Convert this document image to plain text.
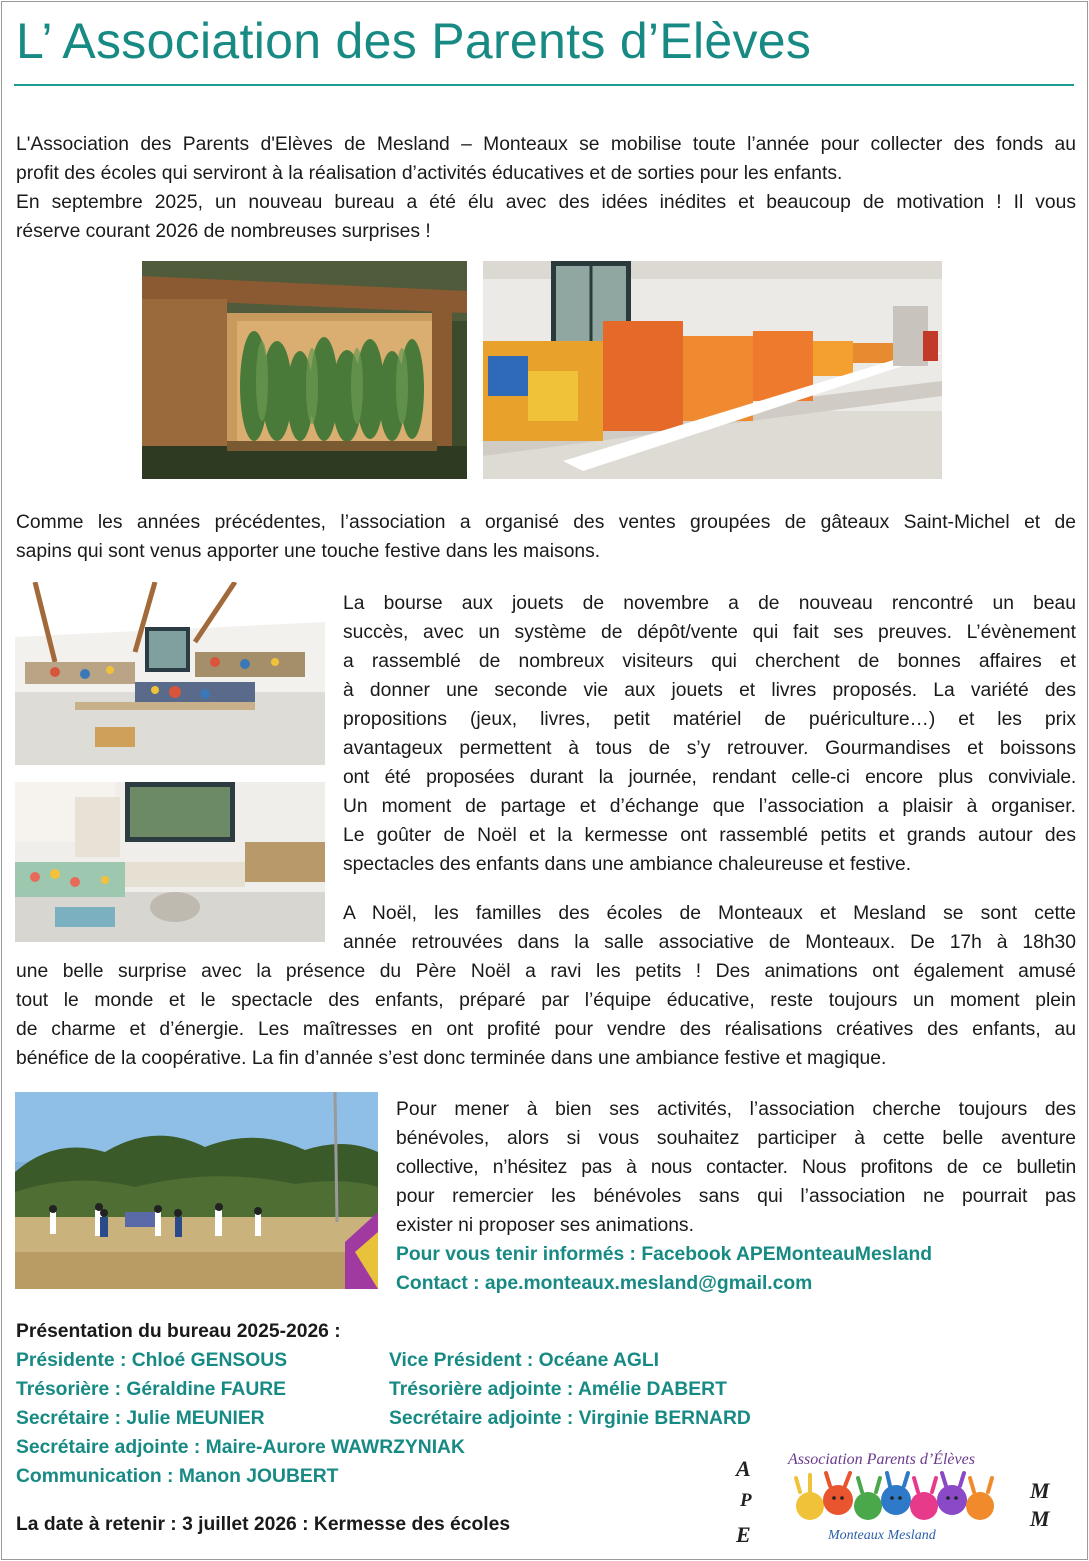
L’ Association des Parents d’Elèves
L'Association des Parents d'Elèves de Mesland – Monteaux se mobilise toute l’année pour collecter des fonds au
profit des écoles qui serviront à la réalisation d’activités éducatives et de sorties pour les enfants.
En septembre 2025, un nouveau bureau a été élu avec des idées inédites et beaucoup de motivation ! Il vous
réserve courant 2026 de nombreuses surprises !
Comme les années précédentes, l’association a organisé des ventes groupées de gâteaux Saint-Michel et de
sapins qui sont venus apporter une touche festive dans les maisons.
La bourse aux jouets de novembre a de nouveau rencontré un beau
succès, avec un système de dépôt/vente qui fait ses preuves. L’évènement
a rassemblé de nombreux visiteurs qui cherchent de bonnes affaires et
à donner une seconde vie aux jouets et livres proposés. La variété des
propositions (jeux, livres, petit matériel de puériculture…) et les prix
avantageux permettent à tous de s’y retrouver. Gourmandises et boissons
ont été proposées durant la journée, rendant celle-ci encore plus conviviale.
Un moment de partage et d’échange que l’association a plaisir à organiser.
Le goûter de Noël et la kermesse ont rassemblé petits et grands autour des
spectacles des enfants dans une ambiance chaleureuse et festive.
A Noël, les familles des écoles de Monteaux et Mesland se sont cette
année retrouvées dans la salle associative de Monteaux. De 17h à 18h30
une belle surprise avec la présence du Père Noël a ravi les petits ! Des animations ont également amusé
tout le monde et le spectacle des enfants, préparé par l’équipe éducative, reste toujours un moment plein
de charme et d’énergie. Les maîtresses en ont profité pour vendre des réalisations créatives des enfants, au
bénéfice de la coopérative. La fin d’année s’est donc terminée dans une ambiance festive et magique.
Pour mener à bien ses activités, l’association cherche toujours des
bénévoles, alors si vous souhaitez participer à cette belle aventure
collective, n’hésitez pas à nous contacter. Nous profitons de ce bulletin
pour remercier les bénévoles sans qui l’association ne pourrait pas
exister ni proposer ses animations.
Pour vous tenir informés : Facebook APEMonteauMesland
Contact : ape.monteaux.mesland@gmail.com
Présentation du bureau 2025-2026 :
Présidente : Chloé GENSOUS	Vice Président : Océane AGLI
Trésorière : Géraldine FAURE	Trésorière adjointe : Amélie DABERT
Secrétaire : Julie MEUNIER	Secrétaire adjointe : Virginie BERNARD
Secrétaire adjointe : Maire-Aurore WAWRZYNIAK
Communication : Manon JOUBERT

La date à retenir : 3 juillet 2026 : Kermesse des écoles

A
P
E
M
M
Association Parents d’Élèves
Monteaux Mesland
